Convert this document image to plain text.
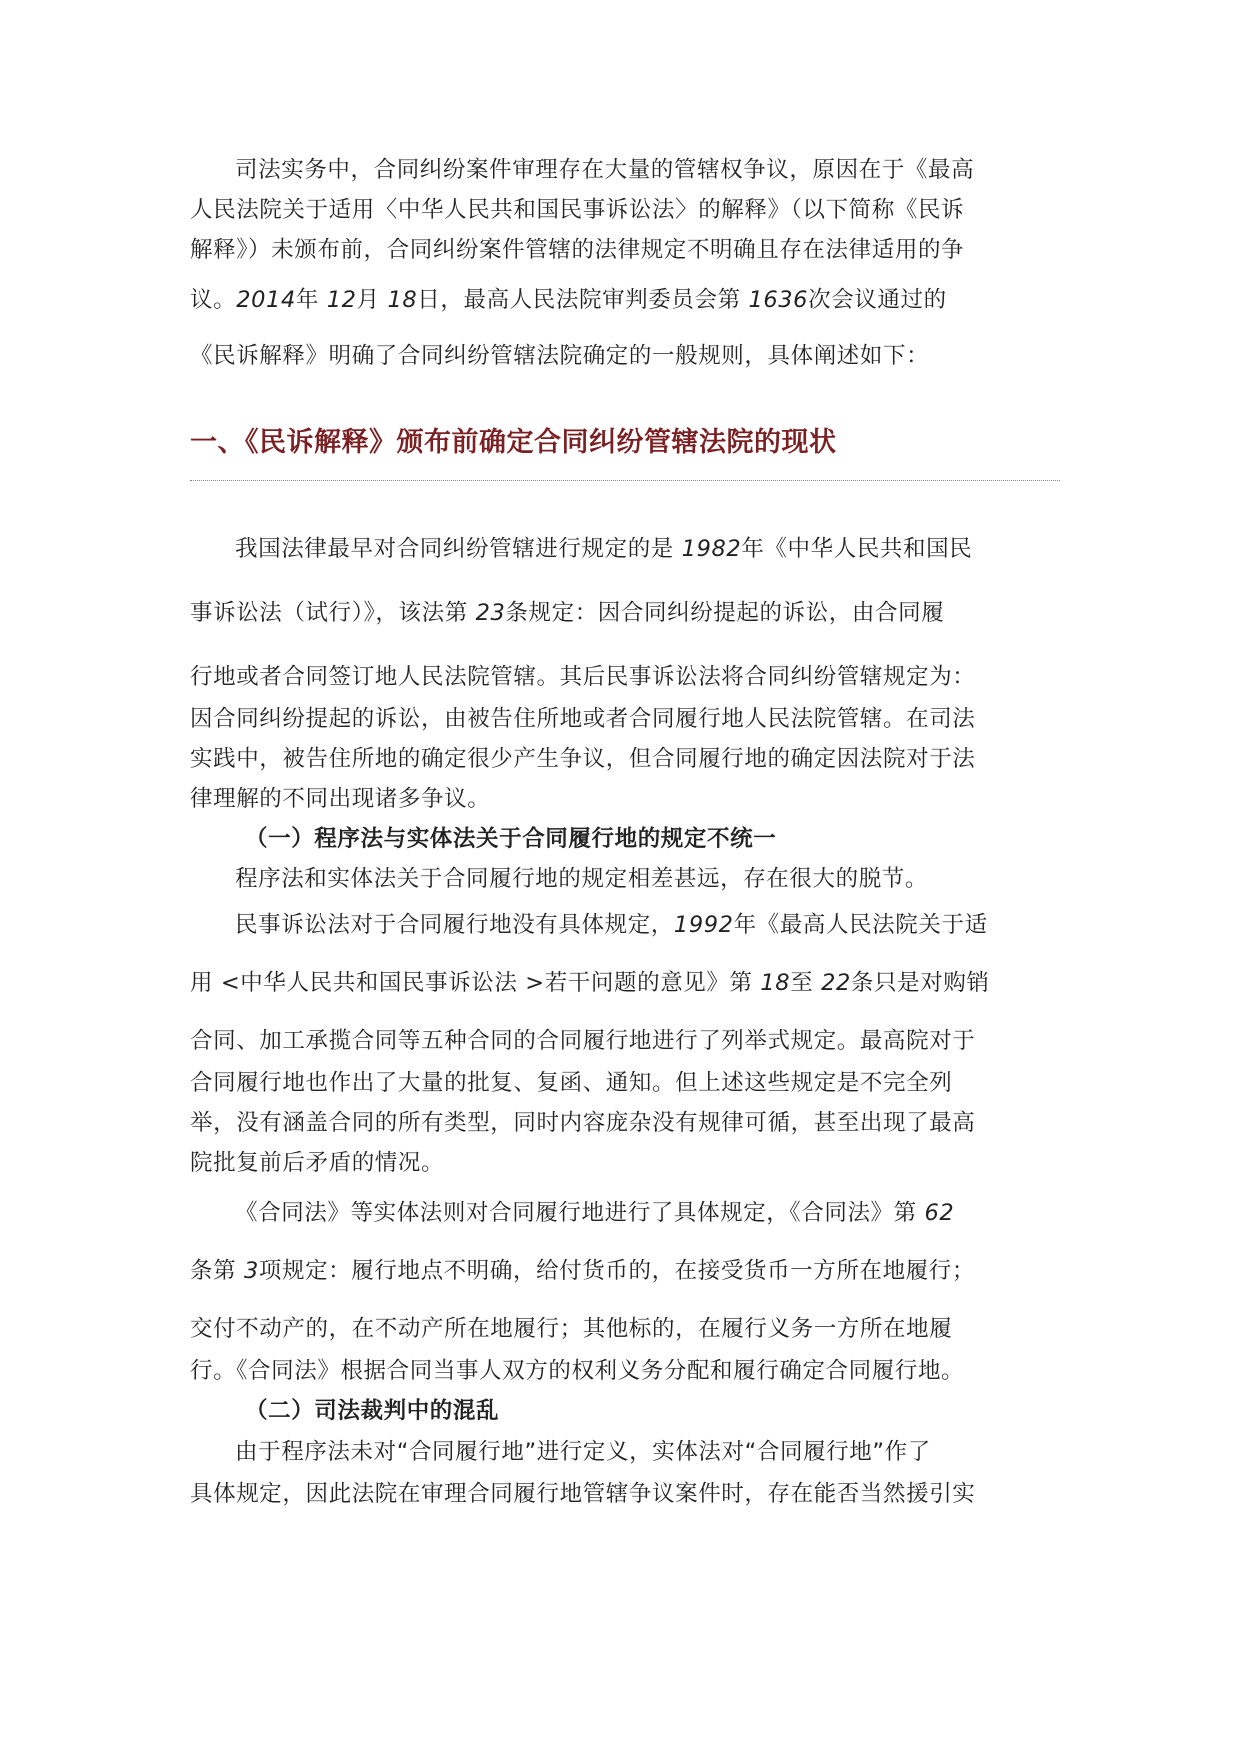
司法实务中，合同纠纷案件审理存在大量的管辖权争议，原因在于《最高
人民法院关于适用〈中华人民共和国民事诉讼法〉的解释》（以下简称《民诉
解释》）未颁布前，合同纠纷案件管辖的法律规定不明确且存在法律适用的争
议。2014年 12月 18日，最高人民法院审判委员会第 1636次会议通过的
《民诉解释》明确了合同纠纷管辖法院确定的一般规则，具体阐述如下：
一、《民诉解释》颁布前确定合同纠纷管辖法院的现状
我国法律最早对合同纠纷管辖进行规定的是 1982年《中华人民共和国民
事诉讼法（试行）》，该法第 23条规定：因合同纠纷提起的诉讼，由合同履
行地或者合同签订地人民法院管辖。其后民事诉讼法将合同纠纷管辖规定为：
因合同纠纷提起的诉讼，由被告住所地或者合同履行地人民法院管辖。在司法
实践中，被告住所地的确定很少产生争议，但合同履行地的确定因法院对于法
律理解的不同出现诸多争议。
（一）程序法与实体法关于合同履行地的规定不统一
程序法和实体法关于合同履行地的规定相差甚远，存在很大的脱节。
民事诉讼法对于合同履行地没有具体规定，1992年《最高人民法院关于适
用 <中华人民共和国民事诉讼法 >若干问题的意见》第 18至 22条只是对购销
合同、加工承揽合同等五种合同的合同履行地进行了列举式规定。最高院对于
合同履行地也作出了大量的批复、复函、通知。但上述这些规定是不完全列
举，没有涵盖合同的所有类型，同时内容庞杂没有规律可循，甚至出现了最高
院批复前后矛盾的情况。
《合同法》等实体法则对合同履行地进行了具体规定，《合同法》第 62
条第 3项规定：履行地点不明确，给付货币的，在接受货币一方所在地履行；
交付不动产的，在不动产所在地履行；其他标的，在履行义务一方所在地履
行。《合同法》根据合同当事人双方的权利义务分配和履行确定合同履行地。
（二）司法裁判中的混乱
由于程序法未对“合同履行地”进行定义，实体法对“合同履行地”作了
具体规定，因此法院在审理合同履行地管辖争议案件时，存在能否当然援引实
